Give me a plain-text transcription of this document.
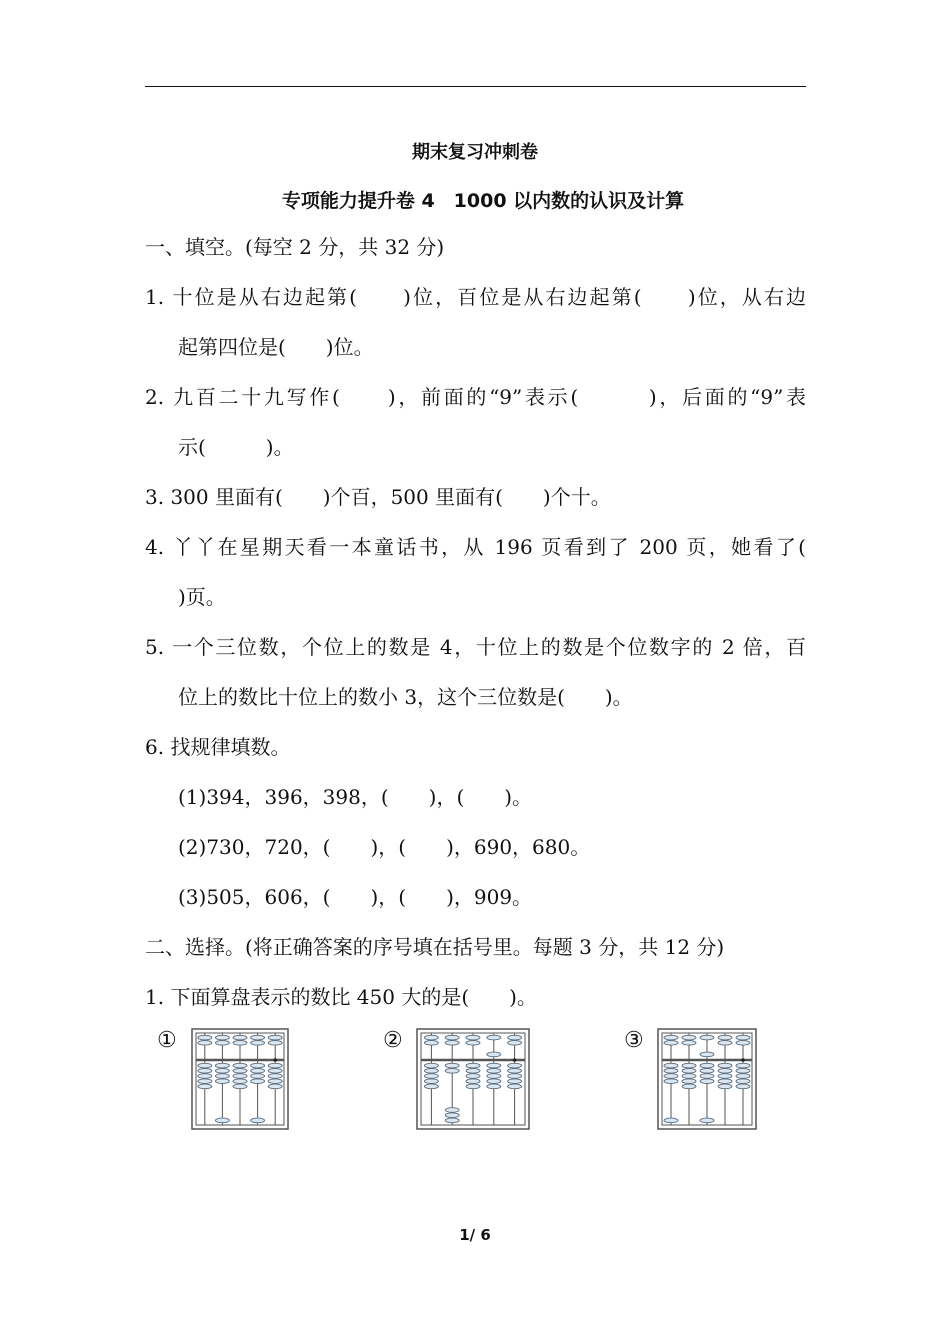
期末复习冲刺卷
专项能力提升卷 4　1000 以内数的认识及计算
一、填空。(每空 2 分，共 32 分)
1. 十位是从右边起第(　　)位，百位是从右边起第(　　)位，从右边
起第四位是(　　)位。
2. 九百二十九写作(　　)，前面的“9”表示(　　　)，后面的“9”表
示(　　　)。
3. 300 里面有(　　)个百，500 里面有(　　)个十。
4. 丫丫在星期天看一本童话书，从 196 页看到了 200 页，她看了(
)页。
5. 一个三位数，个位上的数是 4，十位上的数是个位数字的 2 倍，百
位上的数比十位上的数小 3，这个三位数是(　　)。
6. 找规律填数。
(1)394，396，398，(　　)，(　　)。
(2)730，720，(　　)，(　　)，690，680。
(3)505，606，(　　)，(　　)，909。
二、选择。(将正确答案的序号填在括号里。每题 3 分，共 12 分)
1. 下面算盘表示的数比 450 大的是(　　)。
①	②	③
1/ 6
